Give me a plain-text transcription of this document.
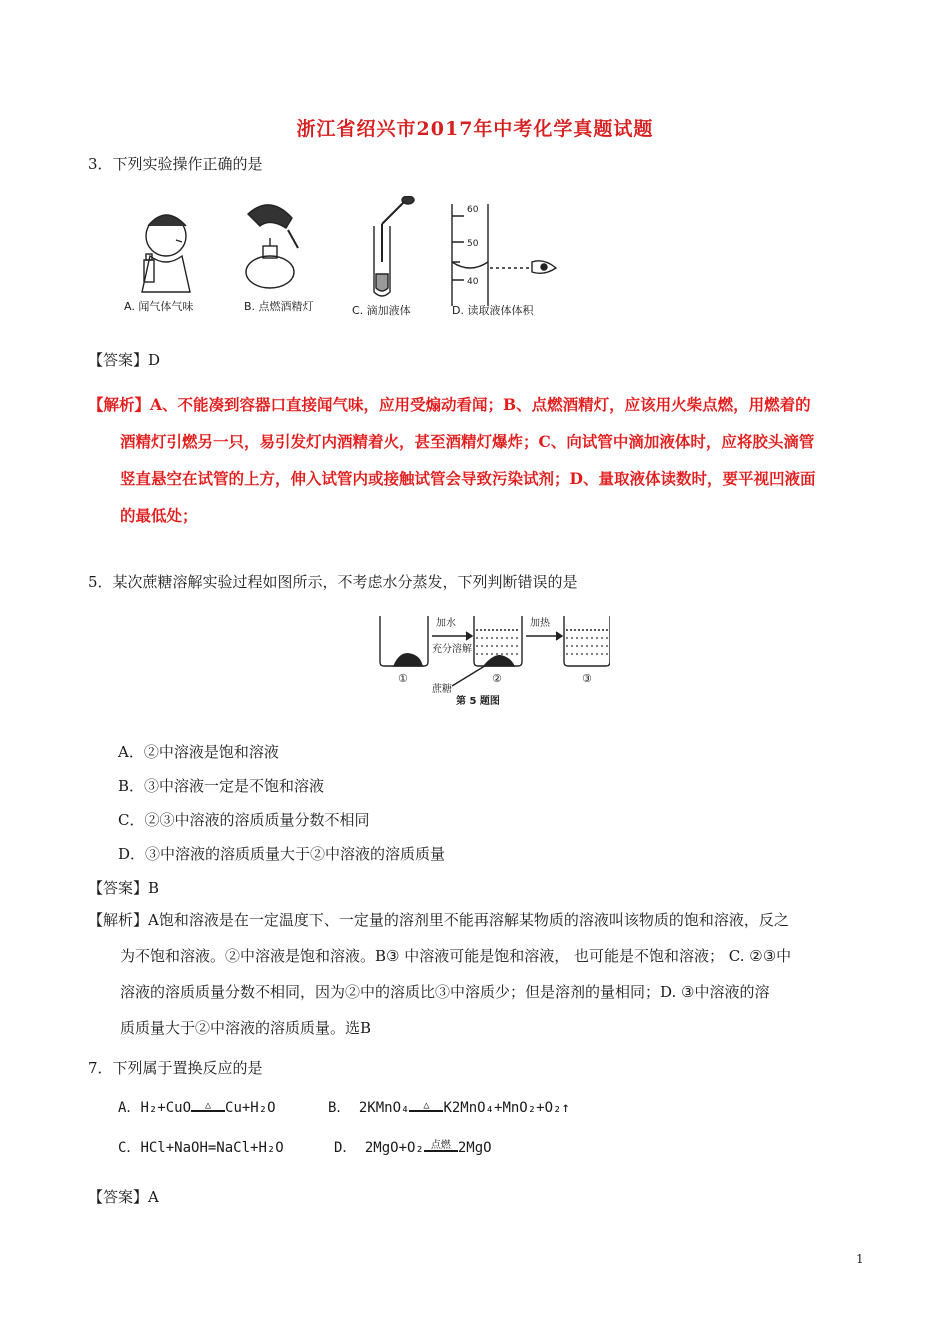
浙江省绍兴市2017年中考化学真题试题
3．下列实验操作正确的是
60
50
40
A. 闻气体气味	B. 点燃酒精灯	C. 滴加液体	D. 读取液体体积
【答案】D

【解析】A、不能凑到容器口直接闻气味，应用受煽动看闻；B、点燃酒精灯，应该用火柴点燃，用燃着的

酒精灯引燃另一只，易引发灯内酒精着火，甚至酒精灯爆炸；C、向试管中滴加液体时，应将胶头滴管

竖直悬空在试管的上方，伸入试管内或接触试管会导致污染试剂；D、量取液体读数时，要平视凹液面

的最低处；

5．某次蔗糖溶解实验过程如图所示，不考虑水分蒸发，下列判断错误的是
加水
充分溶解
加热
蔗糖
①	②	③
第 5 题图
A．②中溶液是饱和溶液
B．③中溶液一定是不饱和溶液
C．②③中溶液的溶质质量分数不相同
D．③中溶液的溶质质量大于②中溶液的溶质质量
【答案】B

【解析】A饱和溶液是在一定温度下、一定量的溶剂里不能再溶解某物质的溶液叫该物质的饱和溶液，反之

为不饱和溶液。②中溶液是饱和溶液。B③ 中溶液可能是饱和溶液， 也可能是不饱和溶液； C. ②③中

溶液的溶质质量分数不相同，因为②中的溶质比③中溶质少；但是溶剂的量相同；D. ③中溶液的溶

质质量大于②中溶液的溶质质量。选B

7．下列属于置换反应的是
A．H₂+CuO	△ Cu+H₂O	B． 2KMnO₄	△ K2MnO₄+MnO₂+O₂↑
C．HCl+NaOH=NaCl+H₂O	D． 2MgO+O₂ 点燃 2MgO
【答案】A
1
